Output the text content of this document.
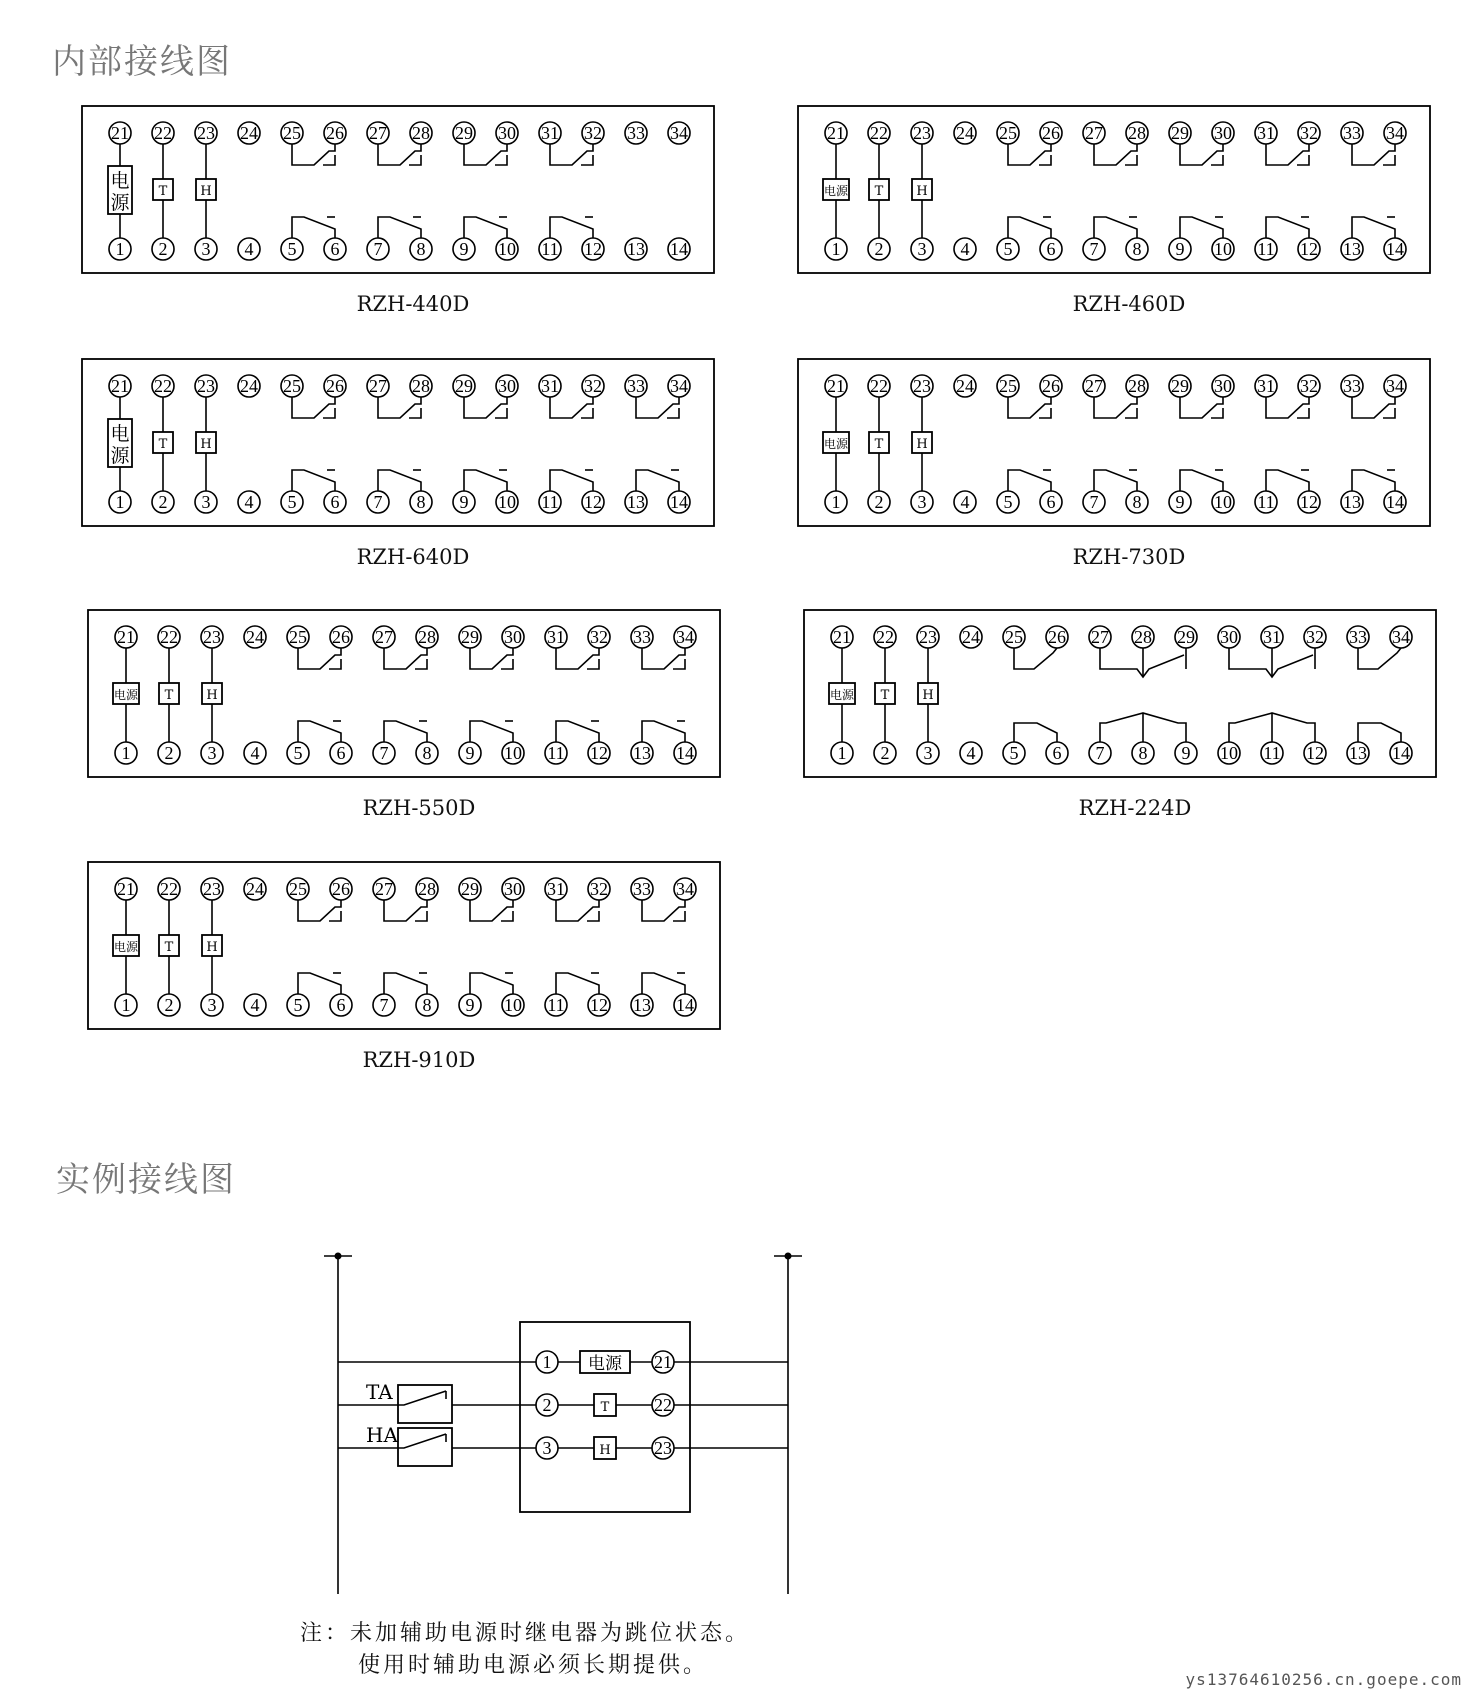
内部接线图
实例接线图
21 22 23 24 25 26 27 28 29 30 31 32 33 34
1 2 3 4 5 6 7 8 9 10 11 12 13 14
电
源
T	H
RZH-440D
21 22 23 24 25 26 27 28 29 30 31 32 33 34
1 2 3 4 5 6 7 8 9 10 11 12 13 14
电源 T	H
RZH-460D
21 22 23 24 25 26 27 28 29 30 31 32 33 34
1 2 3 4 5 6 7 8 9 10 11 12 13 14
电
源
T	H
RZH-640D
21 22 23 24 25 26 27 28 29 30 31 32 33 34
1 2 3 4 5 6 7 8 9 10 11 12 13 14
电源 T	H
RZH-730D
21 22 23 24 25 26 27 28 29 30 31 32 33 34
1 2 3 4 5 6 7 8 9 10 11 12 13 14
电源 T	H
RZH-550D
21 22 23 24 25 26 27 28 29 30 31 32 33 34
1 2 3 4 5 6 7 8 9 10 11 12 13 14
电源 T	H
RZH-224D
21 22 23 24 25 26 27 28 29 30 31 32 33 34
1 2 3 4 5 6 7 8 9 10 11 12 13 14
电源 T	H
RZH-910D
1	21
电源
2	22
T
3	23
H
TA
HA
注：未加辅助电源时继电器为跳位状态。
使用时辅助电源必须长期提供。
ys13764610256.cn.goepe.com
